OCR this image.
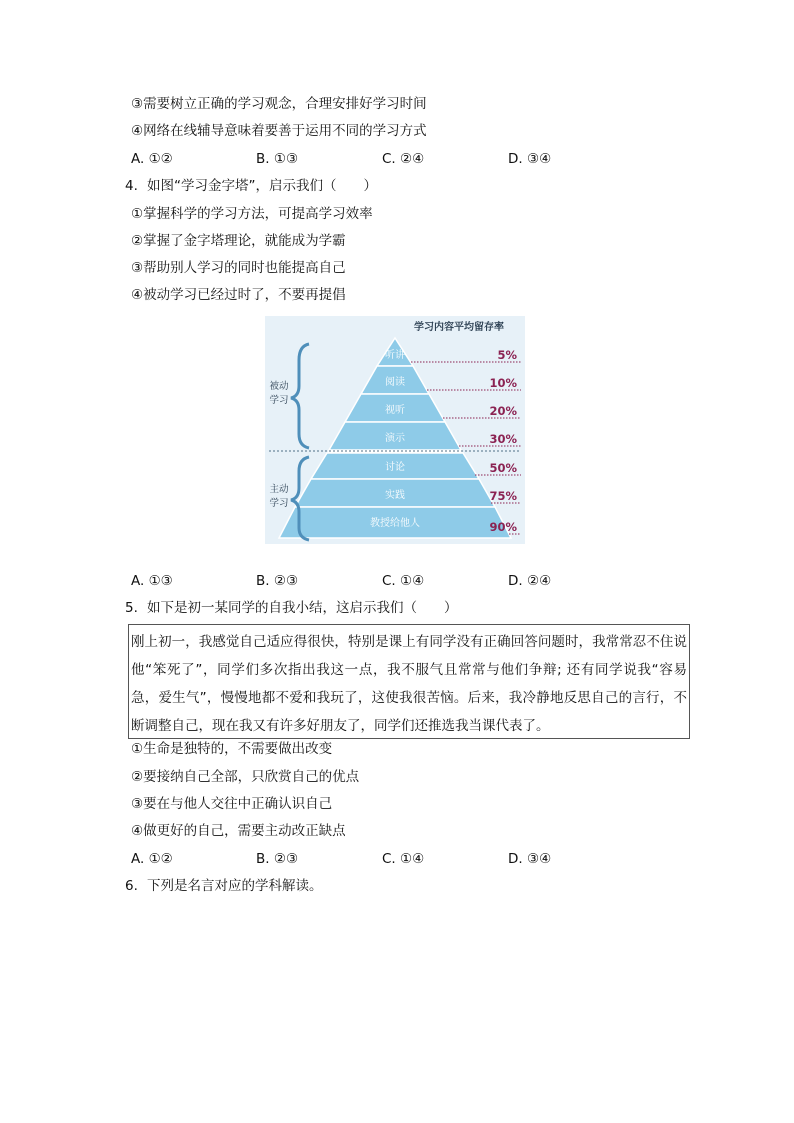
③需要树立正确的学习观念，合理安排好学习时间
④网络在线辅导意味着要善于运用不同的学习方式
A. ①②	B. ①③	C. ②④	D. ③④
4. 如图“学习金字塔”，启示我们（　　）
①掌握科学的学习方法，可提高学习效率
②掌握了金字塔理论，就能成为学霸
③帮助别人学习的同时也能提高自己
④被动学习已经过时了，不要再提倡
学习内容平均留存率
被动学习
主动学习
听讲
阅读
视听
演示
讨论
实践
教授给他人
5%
10%
20%
30%
50%
75%
90%
A. ①③	B. ②③	C. ①④	D. ②④
5. 如下是初一某同学的自我小结，这启示我们（　　）
刚上初一，我感觉自己适应得很快，特别是课上有同学没有正确回答问题时，我常常忍不住说他“笨死了”，同学们多次指出我这一点，我不服气且常常与他们争辩; 还有同学说我“容易急，爱生气”，慢慢地都不爱和我玩了，这使我很苦恼。后来，我冷静地反思自己的言行，不断调整自己，现在我又有许多好朋友了，同学们还推选我当课代表了。
①生命是独特的，不需要做出改变
②要接纳自己全部，只欣赏自己的优点
③要在与他人交往中正确认识自己
④做更好的自己，需要主动改正缺点
A. ①②	B. ②③	C. ①④	D. ③④
6. 下列是名言对应的学科解读。
